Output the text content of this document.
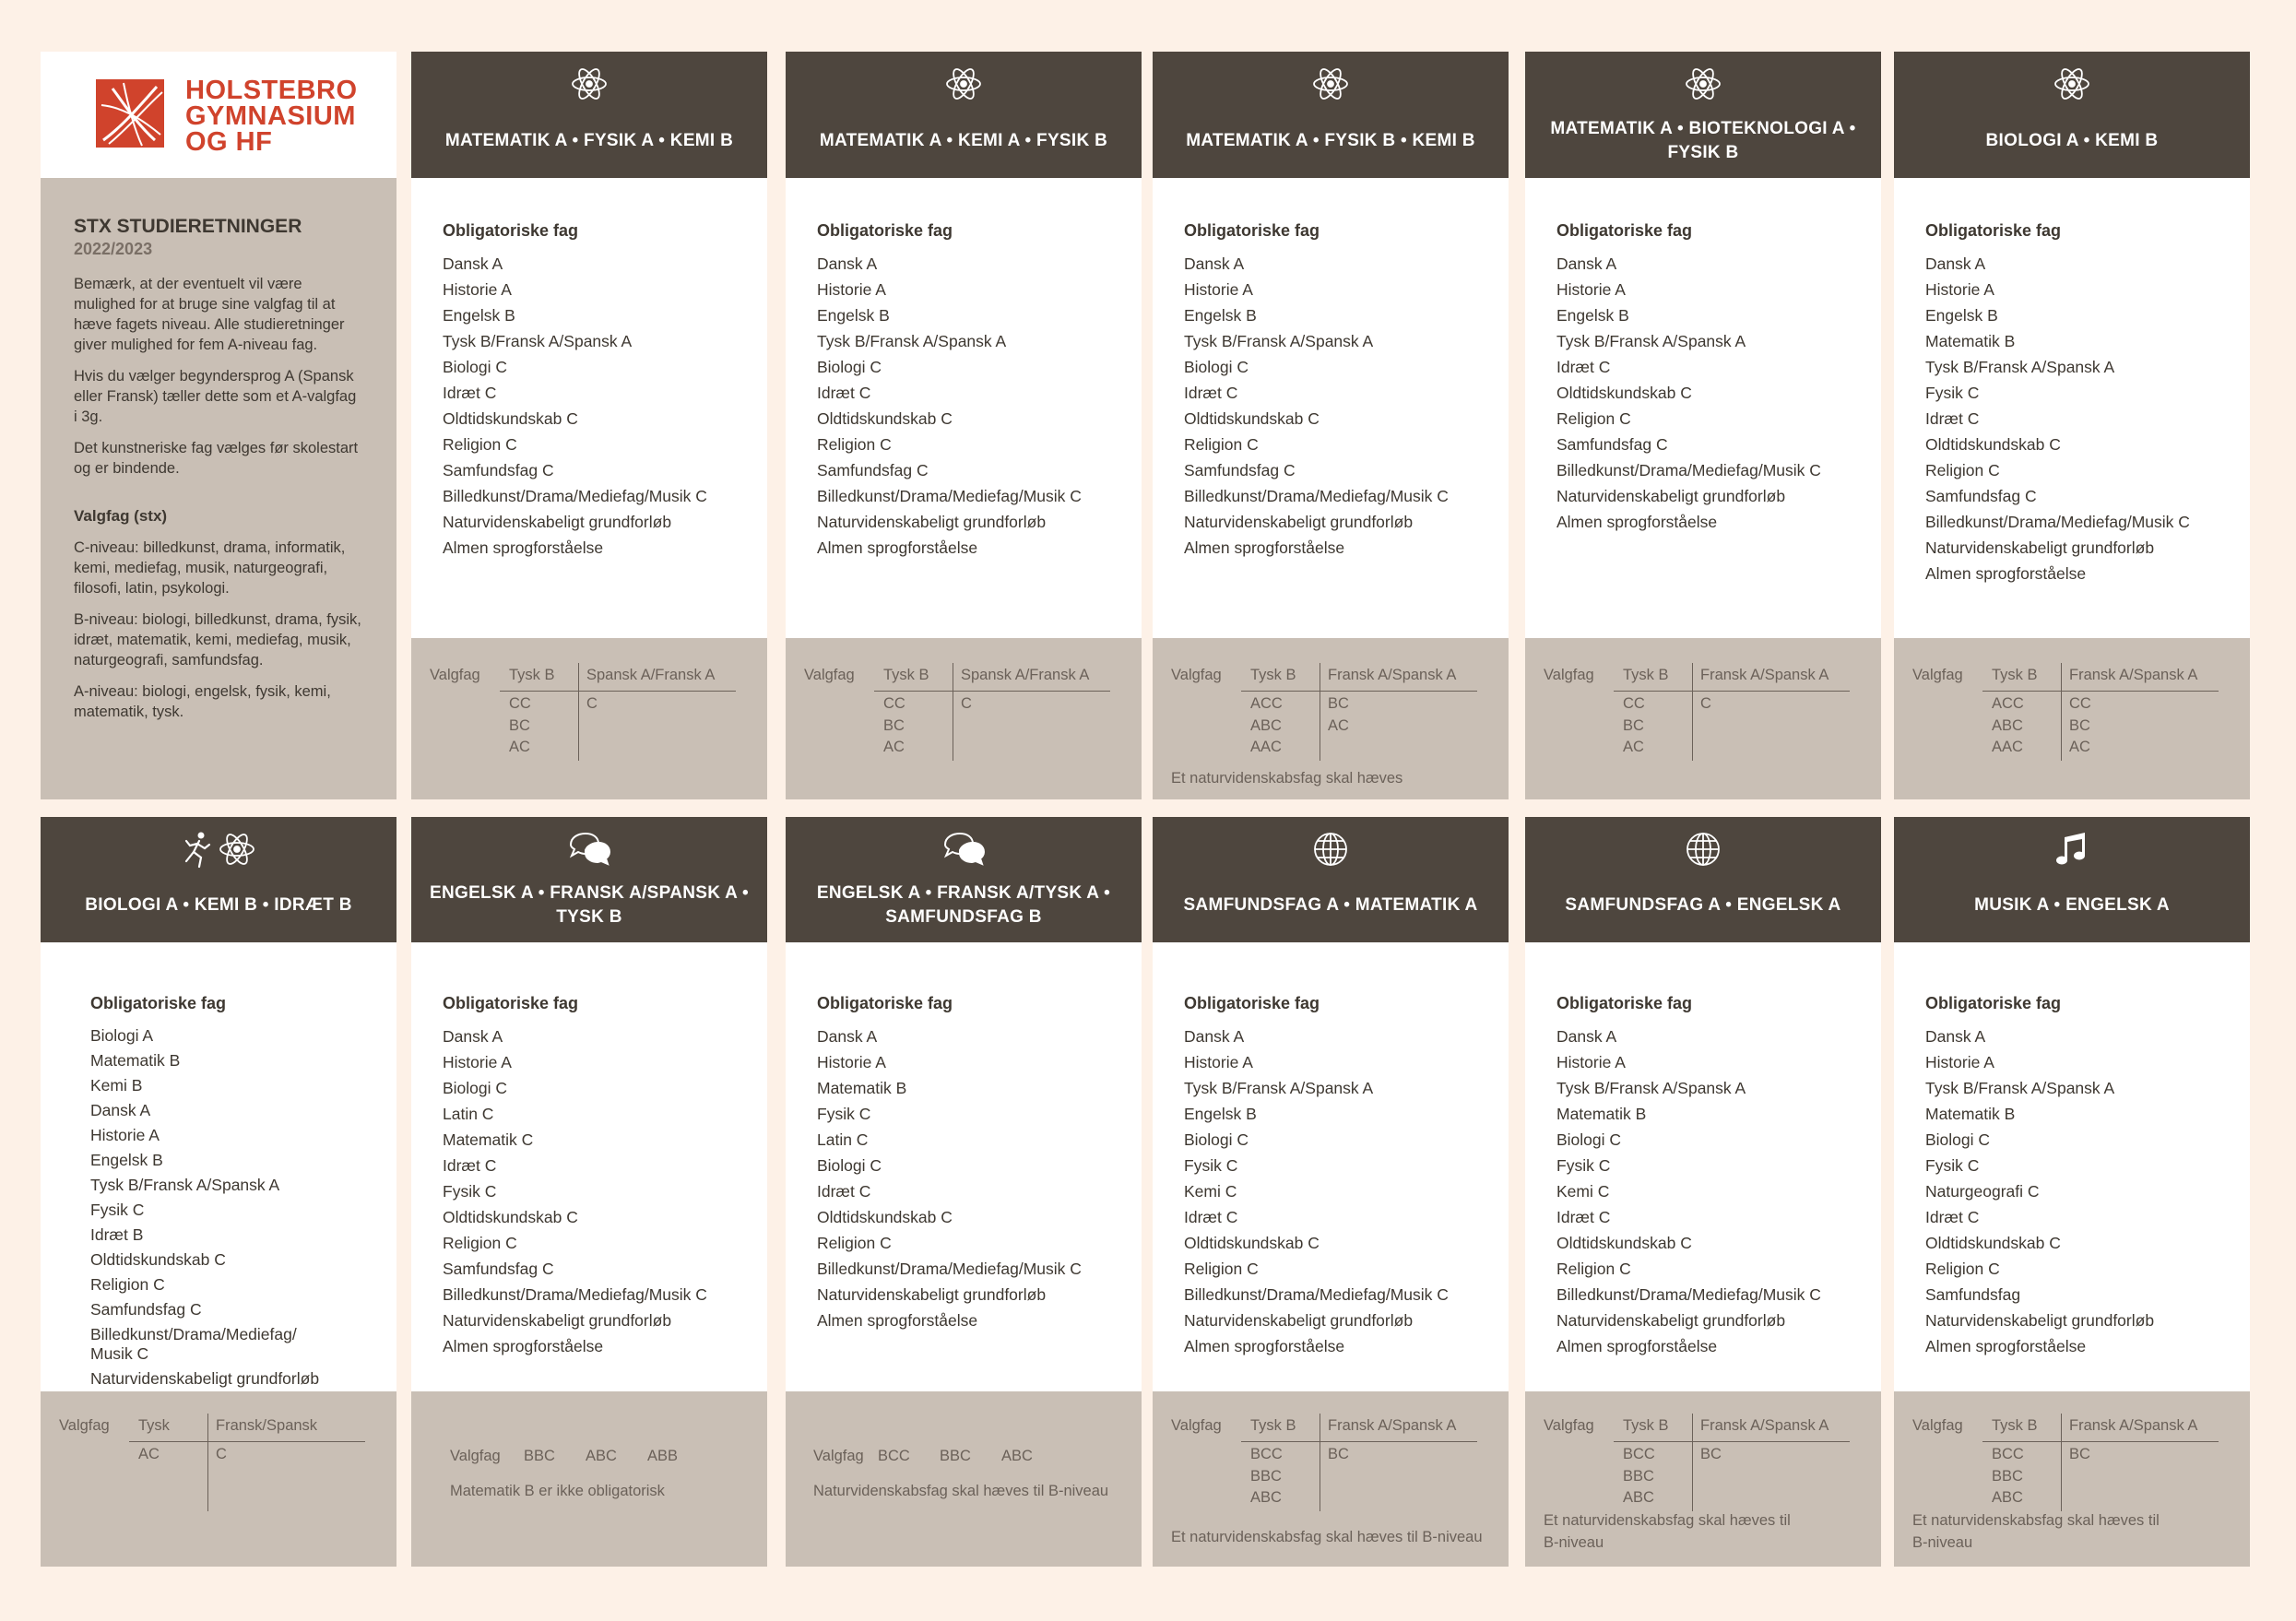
HOLSTEBRO
GYMNASIUM
OG HF
STX STUDIERETNINGER
2022/2023

Bemærk, at der eventuelt vil være mulighed for at bruge sine valgfag til at hæve fagets niveau. Alle studieretninger giver mulighed for fem A-niveau fag.

Hvis du vælger begyndersprog A (Spansk eller Fransk) tæller dette som et A-valgfag i 3g.

Det kunstneriske fag vælges før skolestart og er bindende.

Valgfag (stx)

C-niveau: billedkunst, drama, informatik, kemi, mediefag, musik, naturgeografi, filosofi, latin, psykologi.

B-niveau: biologi, billedkunst, drama, fysik, idræt, matematik, kemi, mediefag, musik, naturgeografi, samfundsfag.

A-niveau: biologi, engelsk, fysik, kemi, matematik, tysk.

MATEMATIK A • FYSIK A • KEMI B
Obligatoriske fag
Dansk A
Historie A
Engelsk B
Tysk B/Fransk A/Spansk A
Biologi C
Idræt C
Oldtidskundskab C
Religion C
Samfundsfag C
Billedkunst/Drama/Mediefag/Musik C
Naturvidenskabeligt grundforløb
Almen sprogforståelse
Valgfag Tysk B Spansk A/Fransk A
CC
BC
AC
C
MATEMATIK A • KEMI A • FYSIK B
Obligatoriske fag
Dansk A
Historie A
Engelsk B
Tysk B/Fransk A/Spansk A
Biologi C
Idræt C
Oldtidskundskab C
Religion C
Samfundsfag C
Billedkunst/Drama/Mediefag/Musik C
Naturvidenskabeligt grundforløb
Almen sprogforståelse
Valgfag Tysk B Spansk A/Fransk A
CC
BC
AC
C
MATEMATIK A • FYSIK B • KEMI B
Obligatoriske fag
Dansk A
Historie A
Engelsk B
Tysk B/Fransk A/Spansk A
Biologi C
Idræt C
Oldtidskundskab C
Religion C
Samfundsfag C
Billedkunst/Drama/Mediefag/Musik C
Naturvidenskabeligt grundforløb
Almen sprogforståelse
Valgfag Tysk B Fransk A/Spansk A
ACC
ABC
AAC
BC
AC
Et naturvidenskabsfag skal hæves
MATEMATIK A • BIOTEKNOLOGI A • FYSIK B
Obligatoriske fag
Dansk A
Historie A
Engelsk B
Tysk B/Fransk A/Spansk A
Idræt C
Oldtidskundskab C
Religion C
Samfundsfag C
Billedkunst/Drama/Mediefag/Musik C
Naturvidenskabeligt grundforløb
Almen sprogforståelse
Valgfag Tysk B Fransk A/Spansk A
CC
BC
AC
C
BIOLOGI A • KEMI B
Obligatoriske fag
Dansk A
Historie A
Engelsk B
Matematik B
Tysk B/Fransk A/Spansk A
Fysik C
Idræt C
Oldtidskundskab C
Religion C
Samfundsfag C
Billedkunst/Drama/Mediefag/Musik C
Naturvidenskabeligt grundforløb
Almen sprogforståelse
Valgfag Tysk B Fransk A/Spansk A
ACC
ABC
AAC
CC
BC
AC
BIOLOGI A • KEMI B • IDRÆT B
Obligatoriske fag
Biologi A
Matematik B
Kemi B
Dansk A
Historie A
Engelsk B
Tysk B/Fransk A/Spansk A
Fysik C
Idræt B
Oldtidskundskab C
Religion C
Samfundsfag C
Billedkunst/Drama/Mediefag/
Musik C
Naturvidenskabeligt grundforløb
Valgfag Tysk	Fransk/Spansk
AC	C
ENGELSK A • FRANSK A/SPANSK A • TYSK B
Obligatoriske fag
Dansk A
Historie A
Biologi C
Latin C
Matematik C
Idræt C
Fysik C
Oldtidskundskab C
Religion C
Samfundsfag C
Billedkunst/Drama/Mediefag/Musik C
Naturvidenskabeligt grundforløb
Almen sprogforståelse
Valgfag BBC ABC ABB
Matematik B er ikke obligatorisk
ENGELSK A • FRANSK A/TYSK A • SAMFUNDSFAG B
Obligatoriske fag
Dansk A
Historie A
Matematik B
Fysik C
Latin C
Biologi C
Idræt C
Oldtidskundskab C
Religion C
Billedkunst/Drama/Mediefag/Musik C
Naturvidenskabeligt grundforløb
Almen sprogforståelse
Valgfag BCC BBC ABC
Naturvidenskabsfag skal hæves til B-niveau
SAMFUNDSFAG A • MATEMATIK A
Obligatoriske fag
Dansk A
Historie A
Tysk B/Fransk A/Spansk A
Engelsk B
Biologi C
Fysik C
Kemi C
Idræt C
Oldtidskundskab C
Religion C
Billedkunst/Drama/Mediefag/Musik C
Naturvidenskabeligt grundforløb
Almen sprogforståelse
Valgfag Tysk B Fransk A/Spansk A
BCC
BBC
ABC
BC
Et naturvidenskabsfag skal hæves til B-niveau
SAMFUNDSFAG A • ENGELSK A
Obligatoriske fag
Dansk A
Historie A
Tysk B/Fransk A/Spansk A
Matematik B
Biologi C
Fysik C
Kemi C
Idræt C
Oldtidskundskab C
Religion C
Billedkunst/Drama/Mediefag/Musik C
Naturvidenskabeligt grundforløb
Almen sprogforståelse
Valgfag Tysk B Fransk A/Spansk A
BCC
BBC
ABC
BC
Et naturvidenskabsfag skal hæves til
B-niveau
MUSIK A • ENGELSK A
Obligatoriske fag
Dansk A
Historie A
Tysk B/Fransk A/Spansk A
Matematik B
Biologi C
Fysik C
Naturgeografi C
Idræt C
Oldtidskundskab C
Religion C
Samfundsfag
Naturvidenskabeligt grundforløb
Almen sprogforståelse
Valgfag Tysk B Fransk A/Spansk A
BCC
BBC
ABC
BC
Et naturvidenskabsfag skal hæves til
B-niveau
